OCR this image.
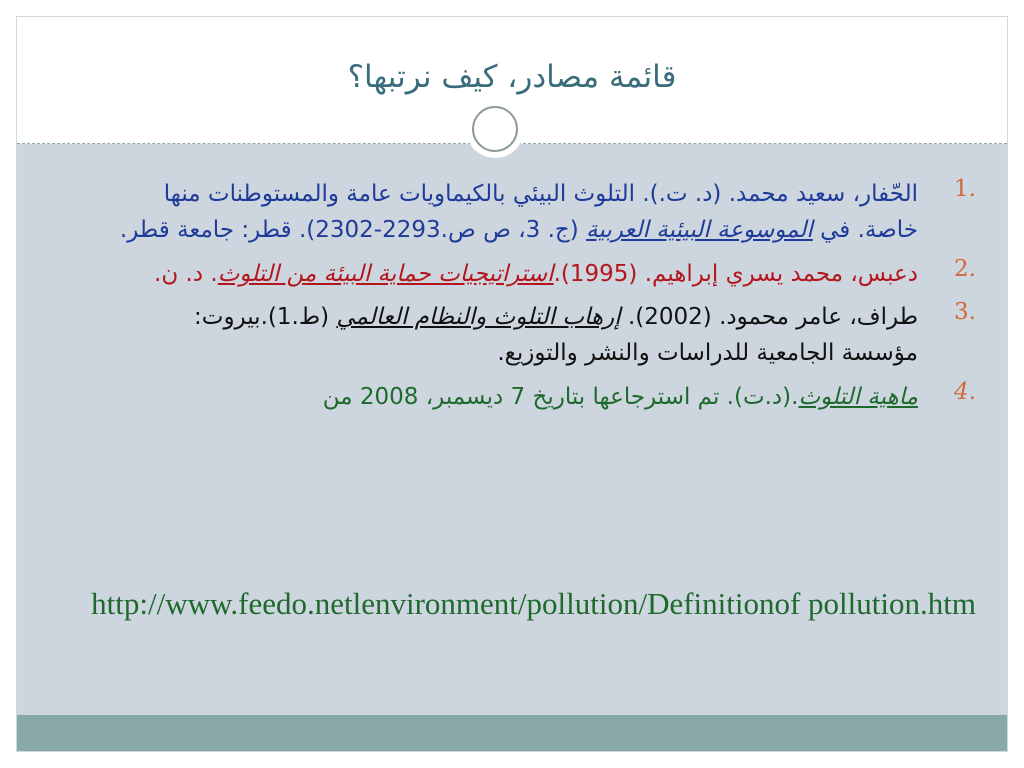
قائمة مصادر، كيف نرتبها؟
1.
الحّفار، سعيد محمد. (د. ت.). التلوث البيئي بالكيماويات عامة والمستوطنات منها خاصة. في الموسوعة البيئية العربية (ج. 3، ص ص.2293-2302). قطر: جامعة قطر.
2.
دعبس، محمد يسري إبراهيم. (1995).استراتيجيات حماية البيئة من التلوث. د. ن.
3.
طراف، عامر محمود. (2002). إرهاب التلوث والنظام العالمي (ط.1).بيروت: مؤسسة الجامعية للدراسات والنشر والتوزيع.
4.
ماهية التلوث.(د.ت). تم استرجاعها بتاريخ 7 ديسمبر، 2008 من
http://www.feedo.netlenvironment/pollution/Definitionof pollution.htm
